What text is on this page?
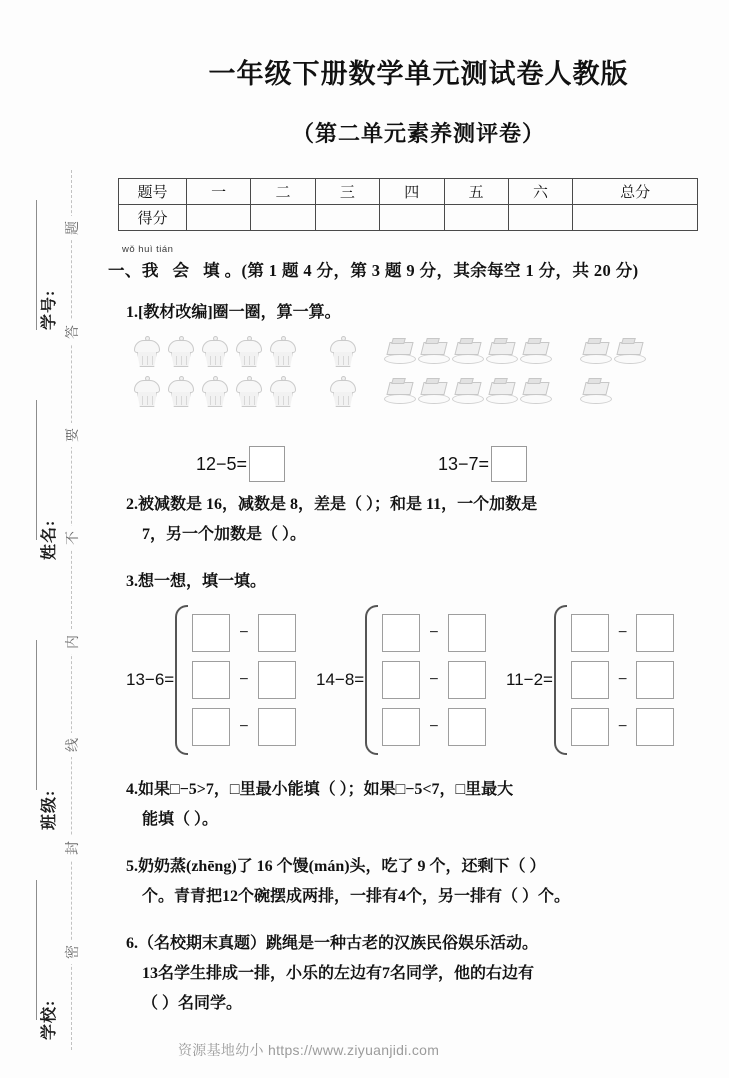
学号:
姓名:
班级:
学校:
题
答
要
不
内
线
封
密
一年级下册数学单元测试卷人教版
（第二单元素养测评卷）
题号	一	二	三	四	五	六	总分
得分							
wǒ huì tián
一、我 会 填。(第 1 题 4 分，第 3 题 9 分，其余每空 1 分，共 20 分)
1.[教材改编]圈一圈，算一算。
12−5=	13−7=
2.被减数是 16，减数是 8，差是（ ）；和是 11，一个加数是
7，另一个加数是（ ）。
3.想一想，填一填。
13−6=
−
−
−
14−8=
−
−
−
11−2=
−
−
−
4.如果□−5>7，□里最小能填（ ）；如果□−5<7，□里最大
能填（ ）。
5.奶奶蒸(zhēng)了 16 个馒(mán)头，吃了 9 个，还剩下（ ）
个。青青把12个碗摆成两排，一排有4个，另一排有（ ）个。
6.（名校期末真题）跳绳是一种古老的汉族民俗娱乐活动。
13名学生排成一排，小乐的左边有7名同学，他的右边有
（ ）名同学。
资源基地幼小 https://www.ziyuanjidi.com
